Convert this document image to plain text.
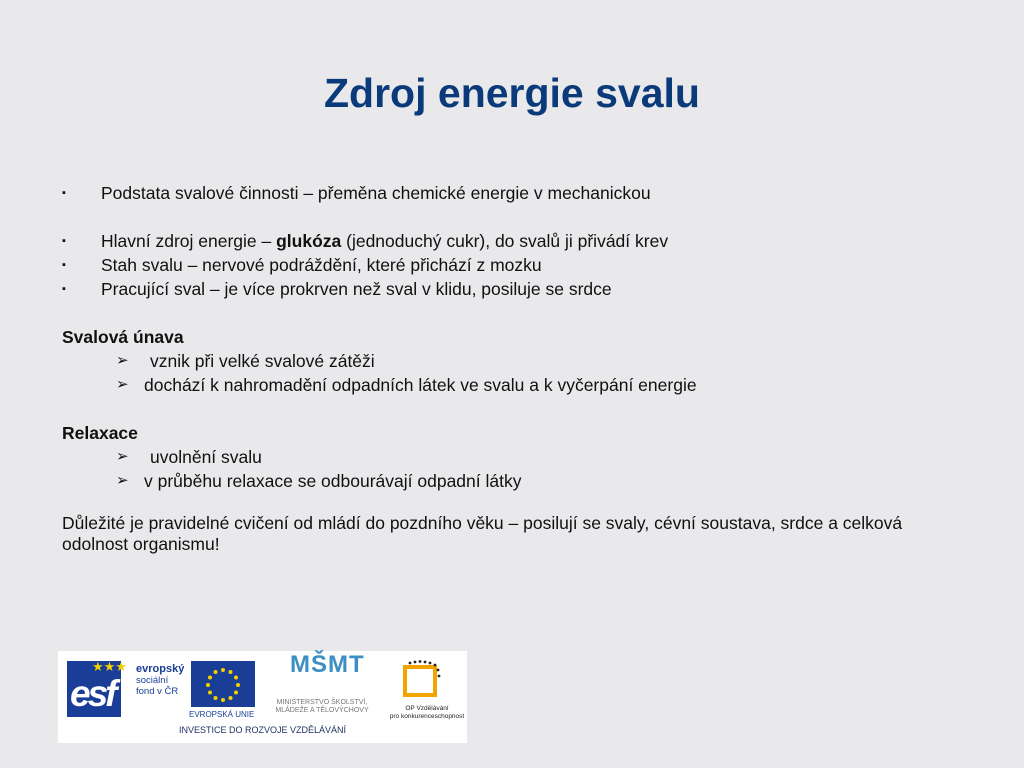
Zdroj energie svalu
▪ Podstata svalové činnosti – přeměna chemické energie v mechanickou
▪ Hlavní zdroj energie – glukóza (jednoduchý cukr), do svalů ji přivádí krev
▪ Stah svalu – nervové podráždění, které přichází z mozku
▪ Pracující sval – je více prokrven než sval v klidu, posiluje se srdce
Svalová únava
➢ vznik při velké svalové zátěži
➢ dochází k nahromadění odpadních látek ve svalu a k vyčerpání energie
Relaxace
➢ uvolnění svalu
➢ v průběhu relaxace se odbourávají odpadní látky
Důležité je pravidelné cvičení od mládí do pozdního věku – posilují se svaly, cévní soustava, srdce a celková odolnost organismu!
★★★
esf
evropský
sociální
fond v ČR
EVROPSKÁ UNIE
MŠMT
MINISTERSTVO ŠKOLSTVÍ,
MLÁDEŽE A TĚLOVÝCHOVY	OP Vzdělávání
pro konkurenceschopnost
INVESTICE DO ROZVOJE VZDĚLÁVÁNÍ
